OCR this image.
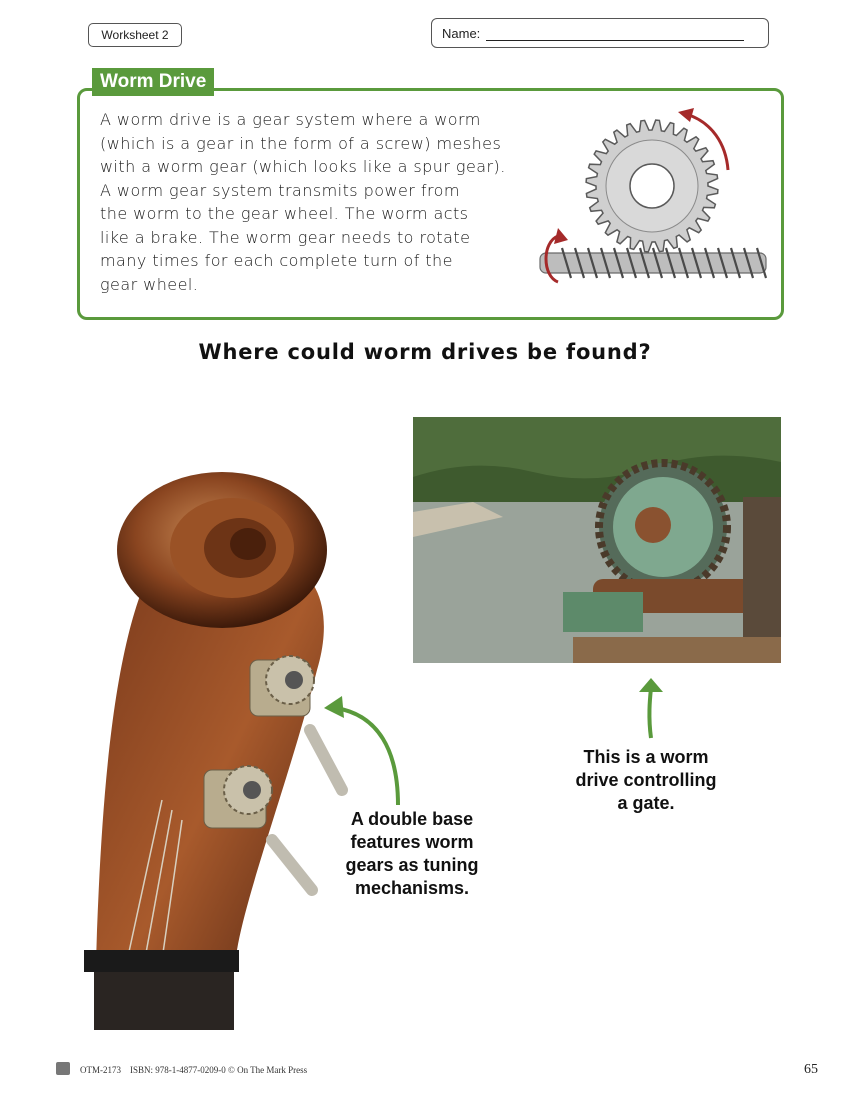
Worksheet 2	Name:
Worm Drive

A worm drive is a gear system where a worm
(which is a gear in the form of a screw) meshes
with a worm gear (which looks like a spur gear).
A worm gear system transmits power from
the worm to the gear wheel. The worm acts
like a brake. The worm gear needs to rotate
many times for each complete turn of the
gear wheel.

Where could worm drives be found?
A double base
features worm
gears as tuning
mechanisms.
This is a worm
drive controlling
a gate.
OTM-2173 ISBN: 978-1-4877-0209-0 © On The Mark Press	65
